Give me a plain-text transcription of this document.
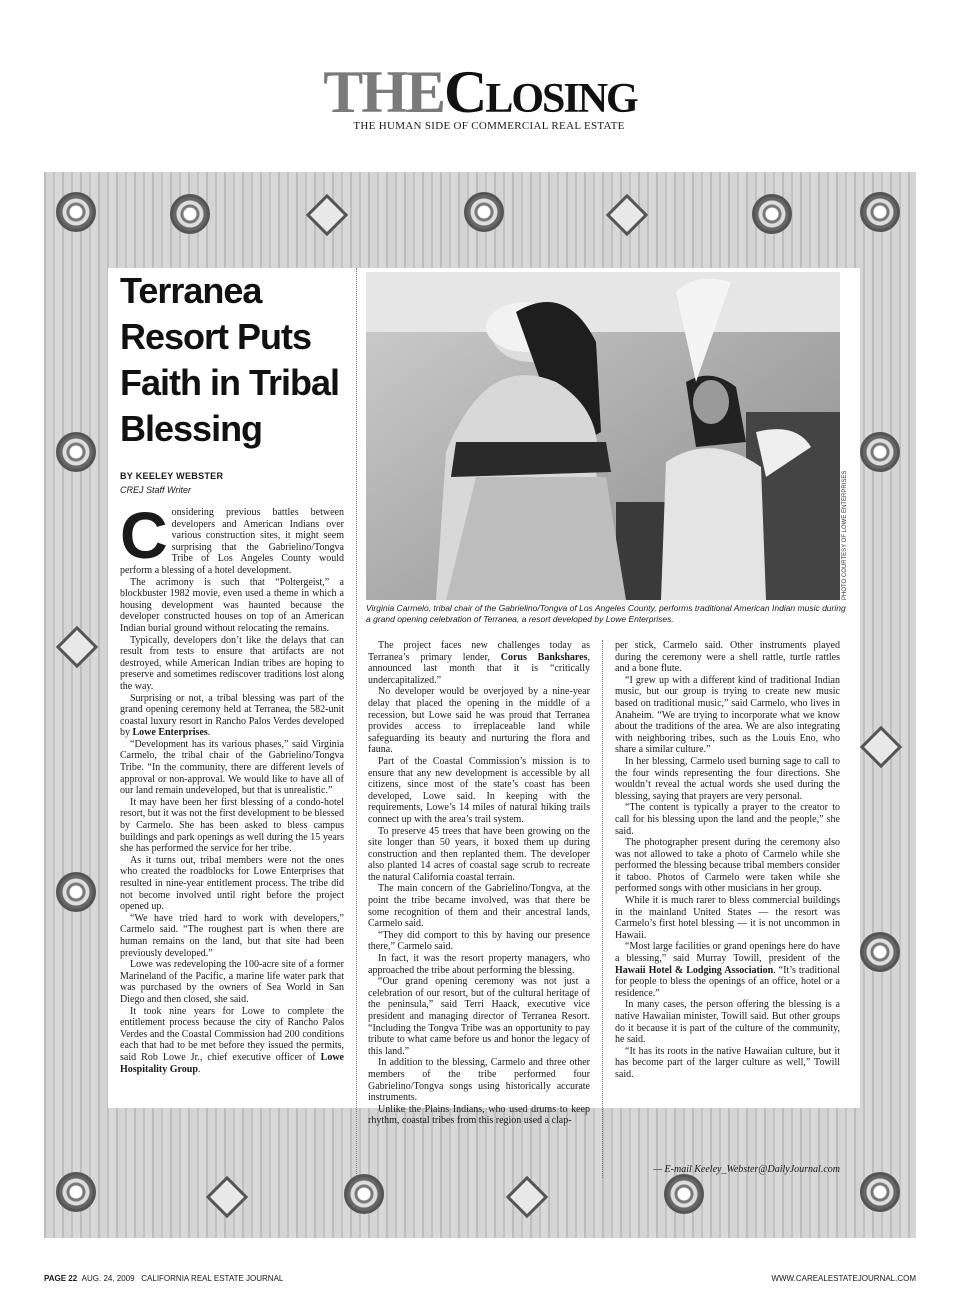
THEClosing
THE HUMAN SIDE OF COMMERCIAL REAL ESTATE
Terranea Resort Puts Faith in Tribal Blessing
BY KEELEY WEBSTER
CREJ Staff Writer

Considering previous battles between developers and American Indians over various construction sites, it might seem surprising that the Gabrielino/Tongva Tribe of Los Angeles County would perform a blessing of a hotel development.

The acrimony is such that “Poltergeist,” a blockbuster 1982 movie, even used a theme in which a housing development was haunted because the developer constructed houses on top of an American Indian burial ground without relocating the remains.

Typically, developers don’t like the delays that can result from tests to ensure that artifacts are not destroyed, while American Indian tribes are hoping to preserve and sometimes rediscover traditions lost along the way.

Surprising or not, a tribal blessing was part of the grand opening ceremony held at Terranea, the 582-unit coastal luxury resort in Rancho Palos Verdes developed by Lowe Enterprises.

“Development has its various phases,” said Virginia Carmelo, the tribal chair of the Gabrielino/Tongva Tribe. “In the community, there are different levels of approval or non-approval. We would like to have all of our land remain undeveloped, but that is unrealistic.”

It may have been her first blessing of a condo-hotel resort, but it was not the first development to be blessed by Carmelo. She has been asked to bless campus buildings and park openings as well during the 15 years she has performed the service for her tribe.

As it turns out, tribal members were not the ones who created the roadblocks for Lowe Enterprises that resulted in nine-year entitlement process. The tribe did not become involved until right before the project opened up.

“We have tried hard to work with developers,” Carmelo said. “The roughest part is when there are human remains on the land, but that site had been previously developed.”

Lowe was redeveloping the 100-acre site of a former Marineland of the Pacific, a marine life water park that was purchased by the owners of Sea World in San Diego and then closed, she said.

It took nine years for Lowe to complete the entitlement process because the city of Rancho Palos Verdes and the Coastal Commission had 200 conditions each that had to be met before they issued the permits, said Rob Lowe Jr., chief executive officer of Lowe Hospitality Group.

PHOTO COURTESY OF LOWE ENTERPRISES
Virginia Carmelo, tribal chair of the Gabrielino/Tongva of Los Angeles County, performs traditional American Indian music during a grand opening celebration of Terranea, a resort developed by Lowe Enterprises.

The project faces new challenges today as Terranea’s primary lender, Corus Bankshares, announced last month that it is “critically undercapitalized.”

No developer would be overjoyed by a nine-year delay that placed the opening in the middle of a recession, but Lowe said he was proud that Terranea provides access to irreplaceable land while safeguarding its beauty and nurturing the flora and fauna.

Part of the Coastal Commission’s mission is to ensure that any new development is accessible by all citizens, since most of the state’s coast has been developed, Lowe said. In keeping with the requirements, Lowe’s 14 miles of natural hiking trails connect up with the area’s trail system.

To preserve 45 trees that have been growing on the site longer than 50 years, it boxed them up during construction and then replanted them. The developer also planted 14 acres of coastal sage scrub to recreate the natural California coastal terrain.

The main concern of the Gabrielino/Tongva, at the point the tribe became involved, was that there be some recognition of them and their ancestral lands, Carmelo said.

“They did comport to this by having our presence there,” Carmelo said.

In fact, it was the resort property managers, who approached the tribe about performing the blessing.

“Our grand opening ceremony was not just a celebration of our resort, but of the cultural heritage of the peninsula,” said Terri Haack, executive vice president and managing director of Terranea Resort. “Including the Tongva Tribe was an opportunity to pay tribute to what came before us and honor the legacy of this land.”

In addition to the blessing, Carmelo and three other members of the tribe performed four Gabrielino/Tongva songs using historically accurate instruments.

Unlike the Plains Indians, who used drums to keep rhythm, coastal tribes from this region used a clap-

per stick, Carmelo said. Other instruments played during the ceremony were a shell rattle, turtle rattles and a bone flute.

“I grew up with a different kind of traditional Indian music, but our group is trying to create new music based on traditional music,” said Carmelo, who lives in Anaheim. “We are trying to incorporate what we know about the traditions of the area. We are also integrating with neighboring tribes, such as the Louis Eno, who share a similar culture.”

In her blessing, Carmelo used burning sage to call to the four winds representing the four directions. She wouldn’t reveal the actual words she used during the blessing, saying that prayers are very personal.

“The content is typically a prayer to the creator to call for his blessing upon the land and the people,” she said.

The photographer present during the ceremony also was not allowed to take a photo of Carmelo while she performed the blessing because tribal members consider it taboo. Photos of Carmelo were taken while she performed songs with other musicians in her group.

While it is much rarer to bless commercial buildings in the mainland United States — the resort was Carmelo’s first hotel blessing — it is not uncommon in Hawaii.

“Most large facilities or grand openings here do have a blessing,” said Murray Towill, president of the Hawaii Hotel & Lodging Association. “It’s traditional for people to bless the openings of an office, hotel or a residence.”

In many cases, the person offering the blessing is a native Hawaiian minister, Towill said. But other groups do it because it is part of the culture of the community, he said.

“It has its roots in the native Hawaiian culture, but it has become part of the larger culture as well,” Towill said.

— E-mail Keeley_Webster@DailyJournal.com
PAGE 22 AUG. 24, 2009 CALIFORNIA REAL ESTATE JOURNAL	WWW.CAREALESTATEJOURNAL.COM
